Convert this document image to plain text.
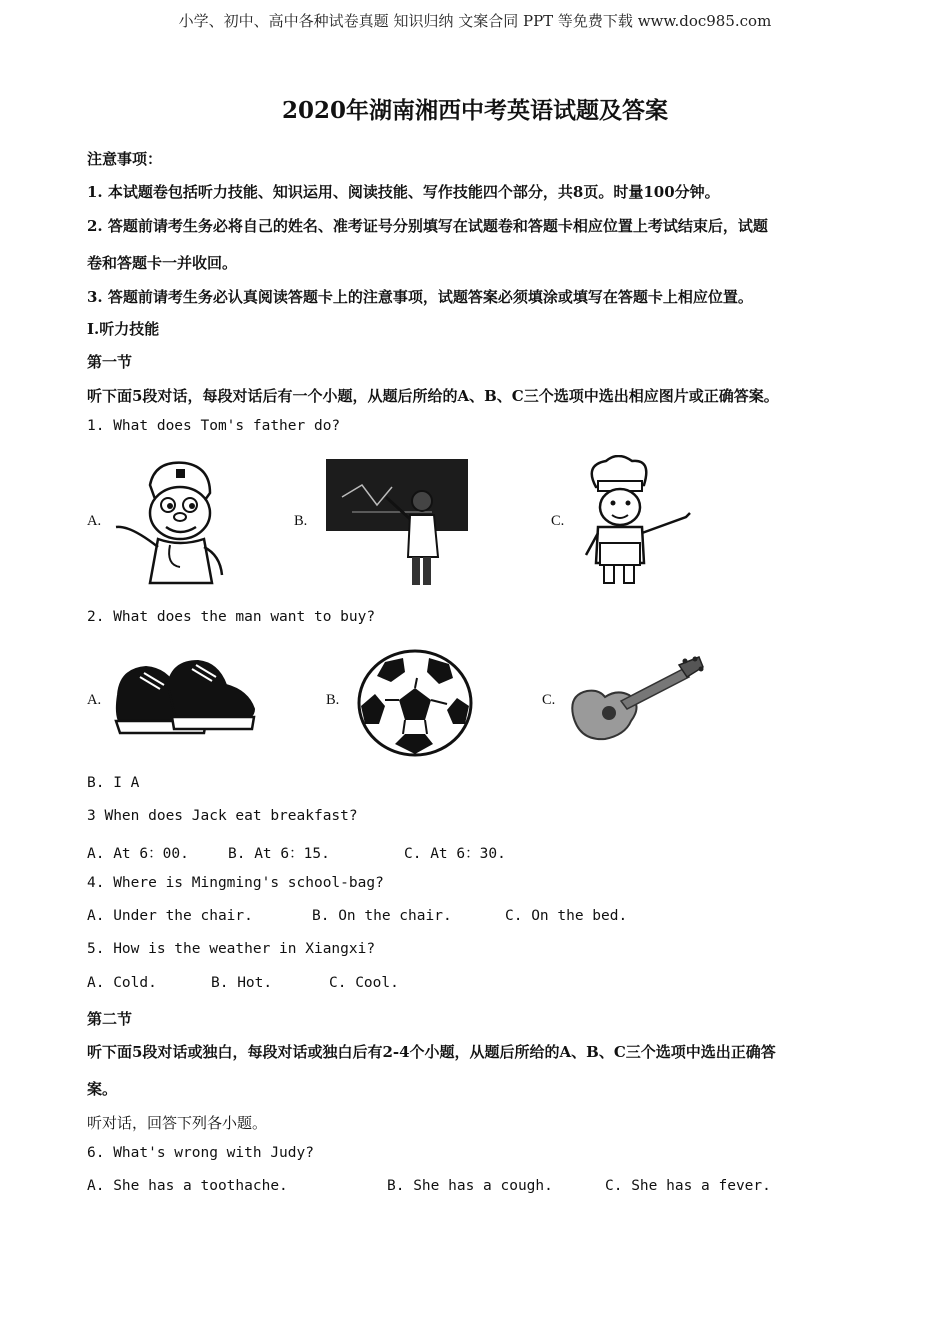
小学、初中、高中各种试卷真题 知识归纳 文案合同 PPT 等免费下载 www.doc985.com
2020年湖南湘西中考英语试题及答案
注意事项：
1. 本试题卷包括听力技能、知识运用、阅读技能、写作技能四个部分，共8页。时量100分钟。
2. 答题前请考生务必将自己的姓名、准考证号分别填写在试题卷和答题卡相应位置上考试结束后，试题
卷和答题卡一并收回。
3. 答题前请考生务必认真阅读答题卡上的注意事项，试题答案必须填涂或填写在答题卡上相应位置。
I.听力技能
第一节
听下面5段对话，每段对话后有一个小题，从题后所给的A、B、C三个选项中选出相应图片或正确答案。
1. What does Tom's father do?
A.	B.	C.
2. What does the man want to buy?
A.	B.	C.
B. I A
3 When does Jack eat breakfast?
A. At 6：00.	B. At 6：15.	C. At 6：30.
4. Where is Mingming's school-bag?
A. Under the chair.	B. On the chair.	C. On the bed.
5. How is the weather in Xiangxi?
A. Cold.	B. Hot.	C. Cool.
第二节
听下面5段对话或独白，每段对话或独白后有2-4个小题，从题后所给的A、B、C三个选项中选出正确答
案。
听对话，回答下列各小题。
6. What's wrong with Judy?
A. She has a toothache.	B. She has a cough.	C. She has a fever.
